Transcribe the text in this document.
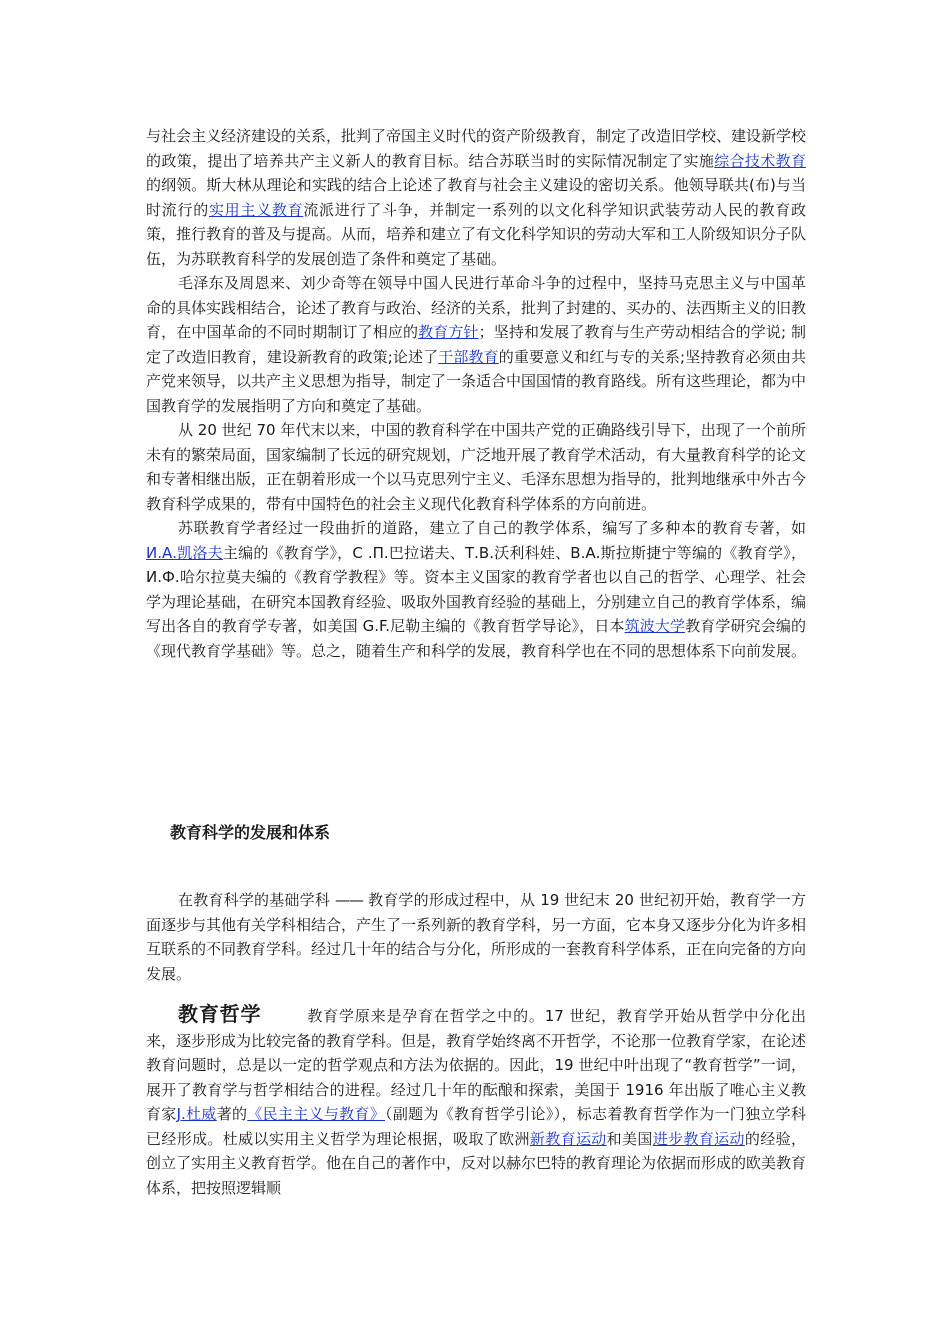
与社会主义经济建设的关系，批判了帝国主义时代的资产阶级教育，制定了改造旧学校、建设新学校的政策，提出了培养共产主义新人的教育目标。结合苏联当时的实际情况制定了实施综合技术教育的纲领。斯大林从理论和实践的结合上论述了教育与社会主义建设的密切关系。他领导联共(布)与当时流行的实用主义教育流派进行了斗争，并制定一系列的以文化科学知识武装劳动人民的教育政策，推行教育的普及与提高。从而，培养和建立了有文化科学知识的劳动大军和工人阶级知识分子队伍，为苏联教育科学的发展创造了条件和奠定了基础。

毛泽东及周恩来、刘少奇等在领导中国人民进行革命斗争的过程中，坚持马克思主义与中国革命的具体实践相结合，论述了教育与政治、经济的关系，批判了封建的、买办的、法西斯主义的旧教育，在中国革命的不同时期制订了相应的教育方针；坚持和发展了教育与生产劳动相结合的学说; 制定了改造旧教育，建设新教育的政策;论述了干部教育的重要意义和红与专的关系;坚持教育必须由共产党来领导，以共产主义思想为指导，制定了一条适合中国国情的教育路线。所有这些理论，都为中国教育学的发展指明了方向和奠定了基础。

从 20 世纪 70 年代末以来，中国的教育科学在中国共产党的正确路线引导下，出现了一个前所未有的繁荣局面，国家编制了长远的研究规划，广泛地开展了教育学术活动，有大量教育科学的论文和专著相继出版，正在朝着形成一个以马克思列宁主义、毛泽东思想为指导的，批判地继承中外古今教育科学成果的，带有中国特色的社会主义现代化教育科学体系的方向前进。

苏联教育学者经过一段曲折的道路，建立了自己的教学体系，编写了多种本的教育专著，如И.А.凯洛夫主编的《教育学》，С .П.巴拉诺夫、Т.В.沃利科娃、В.А.斯拉斯捷宁等编的《教育学》，И.Ф.哈尔拉莫夫编的《教育学教程》等。资本主义国家的教育学者也以自己的哲学、心理学、社会学为理论基础，在研究本国教育经验、吸取外国教育经验的基础上，分别建立自己的教育学体系，编写出各自的教育学专著，如美国 G.F.尼勒主编的《教育哲学导论》，日本筑波大学教育学研究会编的《现代教育学基础》等。总之，随着生产和科学的发展，教育科学也在不同的思想体系下向前发展。

教育科学的发展和体系

在教育科学的基础学科 —— 教育学的形成过程中，从 19 世纪末 20 世纪初开始，教育学一方面逐步与其他有关学科相结合，产生了一系列新的教育学科，另一方面，它本身又逐步分化为许多相互联系的不同教育学科。经过几十年的结合与分化，所形成的一套教育科学体系，正在向完备的方向发展。

教育哲学	教育学原来是孕育在哲学之中的。17 世纪，教育学开始从哲学中分化出来，逐步形成为比较完备的教育学科。但是，教育学始终离不开哲学，不论那一位教育学家，在论述教育问题时，总是以一定的哲学观点和方法为依据的。因此，19 世纪中叶出现了“教育哲学”一词，展开了教育学与哲学相结合的进程。经过几十年的酝酿和探索，美国于 1916 年出版了唯心主义教育家J.杜威著的《民主主义与教育》（副题为《教育哲学引论》），标志着教育哲学作为一门独立学科已经形成。杜威以实用主义哲学为理论根据，吸取了欧洲新教育运动和美国进步教育运动的经验，创立了实用主义教育哲学。他在自己的著作中，反对以赫尔巴特的教育理论为依据而形成的欧美教育体系，把按照逻辑顺
